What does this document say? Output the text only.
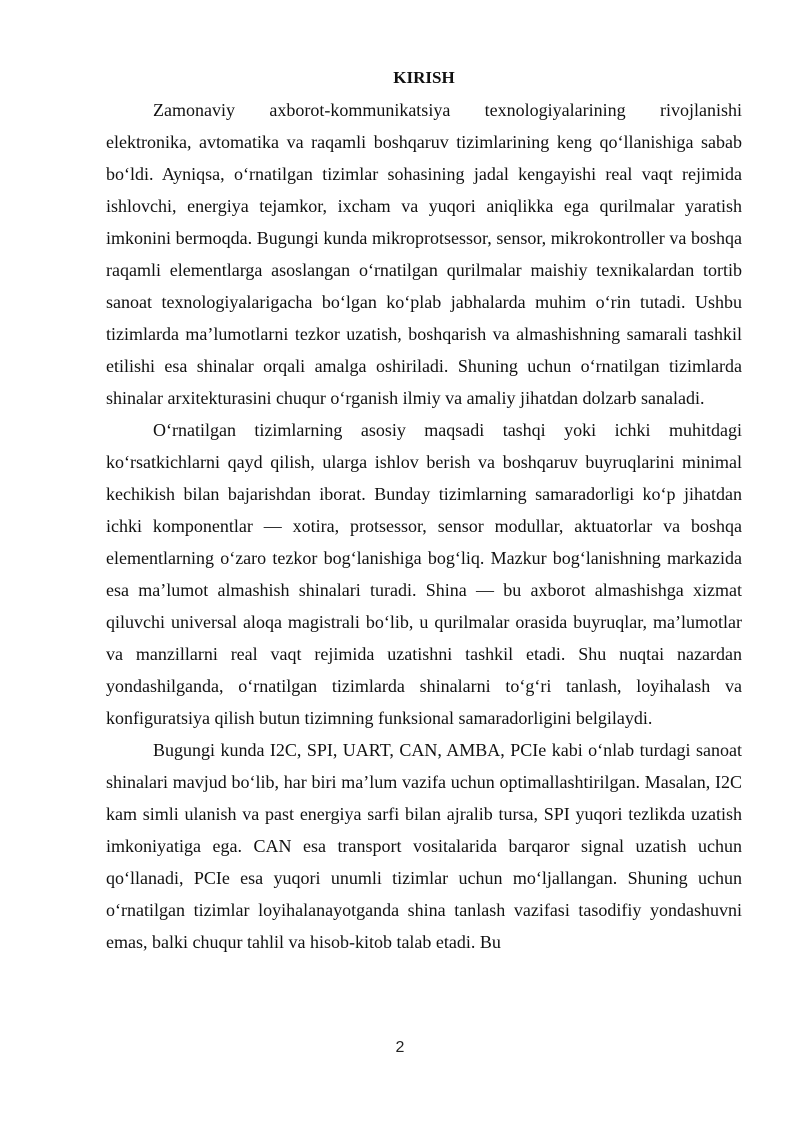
KIRISH

Zamonaviy axborot-kommunikatsiya texnologiyalarining rivojlanishi elektronika, avtomatika va raqamli boshqaruv tizimlarining keng qo‘llanishiga sabab bo‘ldi. Ayniqsa, o‘rnatilgan tizimlar sohasining jadal kengayishi real vaqt rejimida ishlovchi, energiya tejamkor, ixcham va yuqori aniqlikka ega qurilmalar yaratish imkonini bermoqda. Bugungi kunda mikroprotsessor, sensor, mikrokontroller va boshqa raqamli elementlarga asoslangan o‘rnatilgan qurilmalar maishiy texnikalardan tortib sanoat texnologiyalarigacha bo‘lgan ko‘plab jabhalarda muhim o‘rin tutadi. Ushbu tizimlarda ma’lumotlarni tezkor uzatish, boshqarish va almashishning samarali tashkil etilishi esa shinalar orqali amalga oshiriladi. Shuning uchun o‘rnatilgan tizimlarda shinalar arxitekturasini chuqur o‘rganish ilmiy va amaliy jihatdan dolzarb sanaladi.

O‘rnatilgan tizimlarning asosiy maqsadi tashqi yoki ichki muhitdagi ko‘rsatkichlarni qayd qilish, ularga ishlov berish va boshqaruv buyruqlarini minimal kechikish bilan bajarishdan iborat. Bunday tizimlarning samaradorligi ko‘p jihatdan ichki komponentlar — xotira, protsessor, sensor modullar, aktuatorlar va boshqa elementlarning o‘zaro tezkor bog‘lanishiga bog‘liq. Mazkur bog‘lanishning markazida esa ma’lumot almashish shinalari turadi. Shina — bu axborot almashishga xizmat qiluvchi universal aloqa magistrali bo‘lib, u qurilmalar orasida buyruqlar, ma’lumotlar va manzillarni real vaqt rejimida uzatishni tashkil etadi. Shu nuqtai nazardan yondashilganda, o‘rnatilgan tizimlarda shinalarni to‘g‘ri tanlash, loyihalash va konfiguratsiya qilish butun tizimning funksional samaradorligini belgilaydi.

Bugungi kunda I2C, SPI, UART, CAN, AMBA, PCIe kabi o‘nlab turdagi sanoat shinalari mavjud bo‘lib, har biri ma’lum vazifa uchun optimallashtirilgan. Masalan, I2C kam simli ulanish va past energiya sarfi bilan ajralib tursa, SPI yuqori tezlikda uzatish imkoniyatiga ega. CAN esa transport vositalarida barqaror signal uzatish uchun qo‘llanadi, PCIe esa yuqori unumli tizimlar uchun mo‘ljallangan. Shuning uchun o‘rnatilgan tizimlar loyihalanayotganda shina tanlash vazifasi tasodifiy yondashuvni emas, balki chuqur tahlil va hisob-kitob talab etadi. Bu

2
